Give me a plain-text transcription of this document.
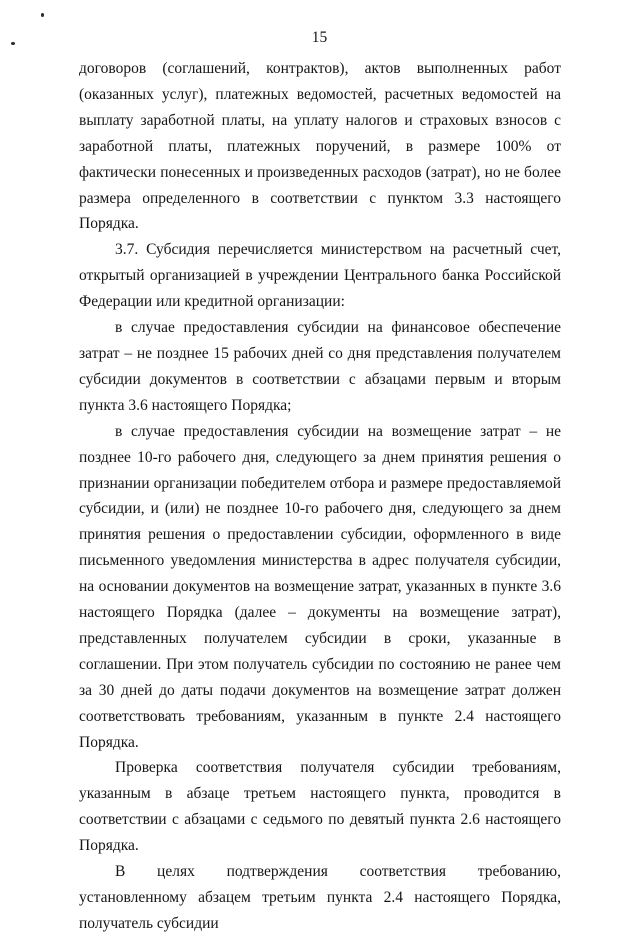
15

договоров (соглашений, контрактов), актов выполненных работ (оказанных услуг), платежных ведомостей, расчетных ведомостей на выплату заработной платы, на уплату налогов и страховых взносов с заработной платы, платежных поручений, в размере 100% от фактически понесенных и произведенных расходов (затрат), но не более размера определенного в соответствии с пунктом 3.3 настоящего Порядка.

3.7. Субсидия перечисляется министерством на расчетный счет, открытый организацией в учреждении Центрального банка Российской Федерации или кредитной организации:

в случае предоставления субсидии на финансовое обеспечение затрат – не позднее 15 рабочих дней со дня представления получателем субсидии документов в соответствии с абзацами первым и вторым пункта 3.6 настоящего Порядка;

в случае предоставления субсидии на возмещение затрат – не позднее 10-го рабочего дня, следующего за днем принятия решения о признании организации победителем отбора и размере предоставляемой субсидии, и (или) не позднее 10-го рабочего дня, следующего за днем принятия решения о предоставлении субсидии, оформленного в виде письменного уведомления министерства в адрес получателя субсидии, на основании документов на возмещение затрат, указанных в пункте 3.6 настоящего Порядка (далее – документы на возмещение затрат), представленных получателем субсидии в сроки, указанные в соглашении. При этом получатель субсидии по состоянию не ранее чем за 30 дней до даты подачи документов на возмещение затрат должен соответствовать требованиям, указанным в пункте 2.4 настоящего Порядка.

Проверка соответствия получателя субсидии требованиям, указанным в абзаце третьем настоящего пункта, проводится в соответствии с абзацами с седьмого по девятый пункта 2.6 настоящего Порядка.

В целях подтверждения соответствия требованию, установленному абзацем третьим пункта 2.4 настоящего Порядка, получатель субсидии
